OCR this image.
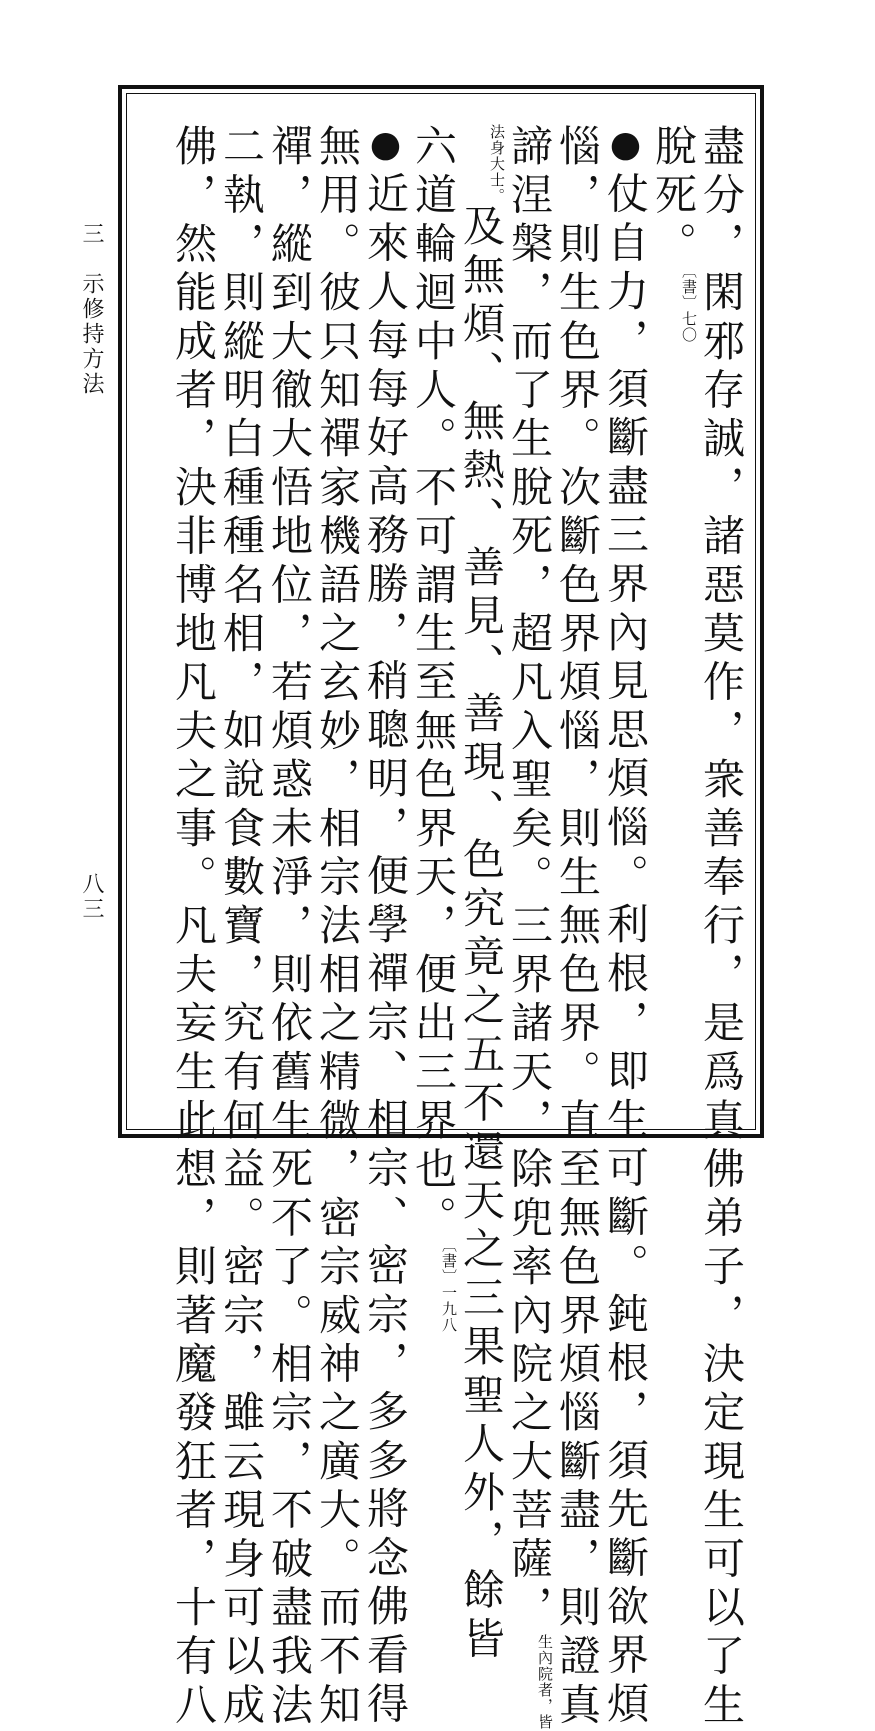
盡分，閑邪存誠，諸惡莫作，衆善奉行，是爲真佛弟子，決定現生可以了生
脫死。$^{〔書〕七〇}$
●仗自力，須斷盡三界內見思煩惱。利根，即生可斷。鈍根，須先斷欲界煩
惱，則生色界。次斷色界煩惱，則生無色界。直至無色界煩惱斷盡，則證真
諦涅槃，而了生脫死，超凡入聖矣。三界諸天，除兜率內院之大菩薩，$^{生內院者,皆}$
$^{法身大士。}$及無煩、無熱、善見、善現、色究竟之五不還天之三果聖人外，餘皆
六道輪迴中人。不可謂生至無色界天，便出三界也。$^{〔書〕一九八}$
●近來人每每好高務勝，稍聰明，便學禪宗、相宗、密宗，多多將念佛看得
無用。彼只知禪家機語之玄妙，相宗法相之精微，密宗威神之廣大。而不知
禪，縱到大徹大悟地位，若煩惑未淨，則依舊生死不了。相宗，不破盡我法
二執，則縱明白種種名相，如說食數寶，究有何益。密宗，雖云現身可以成
佛，然能成者，決非博地凡夫之事。凡夫妄生此想，則著魔發狂者，十有八
三　示修持方法
八三
